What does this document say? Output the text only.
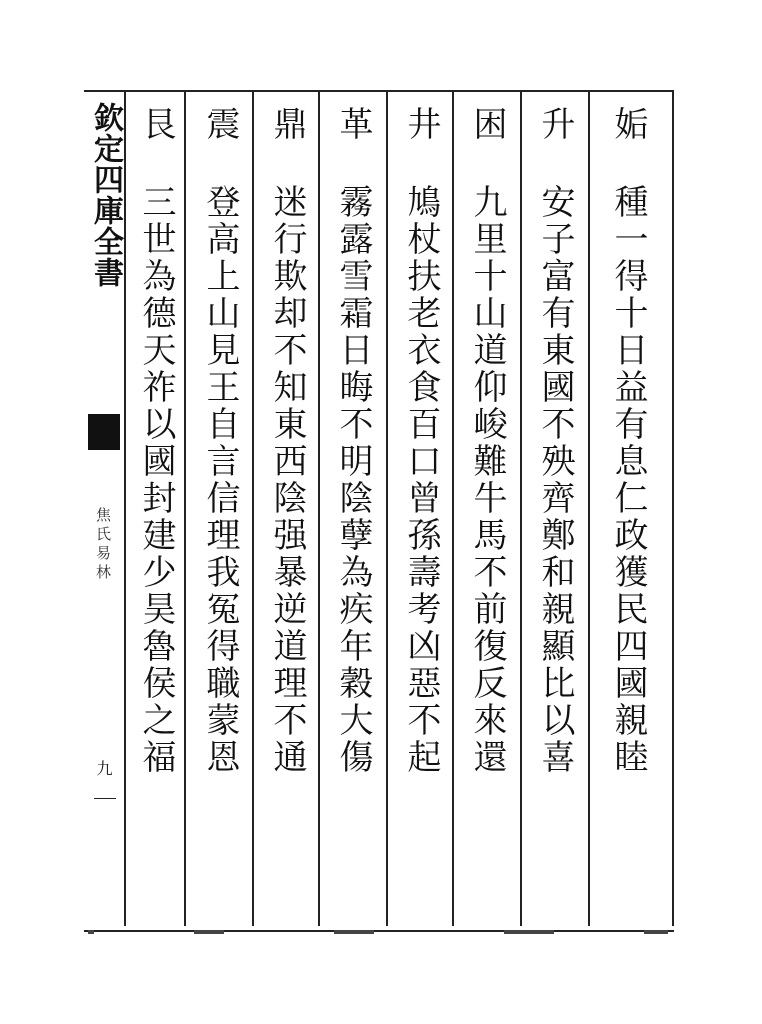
欽定四庫全書
焦氏易林
九
姤
種一得十日益有息仁政獲民四國親睦
升
安子富有東國不殃齊鄭和親顯比以喜
困
九里十山道仰峻難牛馬不前復反來還
井
鳩杖扶老衣食百口曾孫壽考凶惡不起
革
霧露雪霜日晦不明陰孽為疾年穀大傷
鼎
迷行欺却不知東西陰强暴逆道理不通
震
登高上山見王自言信理我冤得職蒙恩
艮
三世為德天祚以國封建少昊魯侯之福
